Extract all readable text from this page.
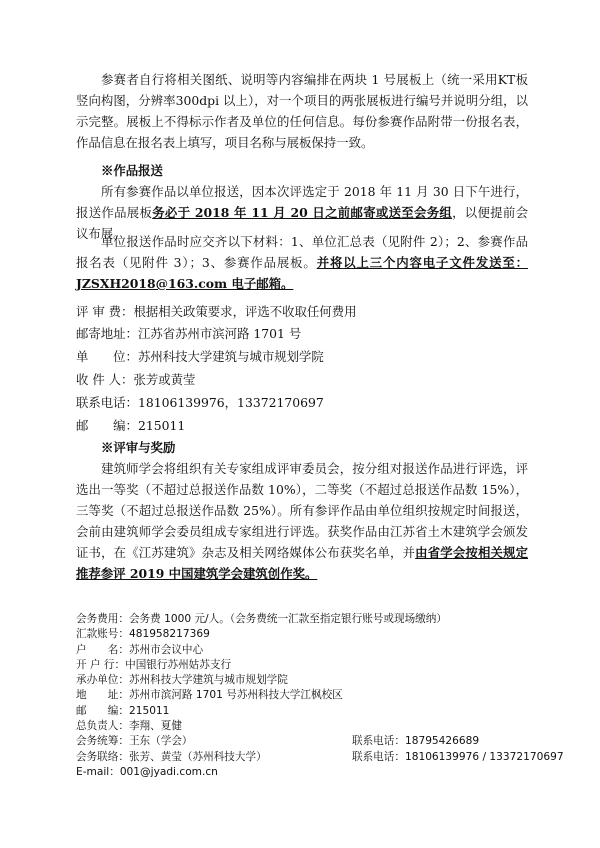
参赛者自行将相关图纸、说明等内容编排在两块 1 号展板上（统一采用KT板竖向构图，分辨率300dpi 以上），对一个项目的两张展板进行编号并说明分组，以示完整。展板上不得标示作者及单位的任何信息。每份参赛作品附带一份报名表，作品信息在报名表上填写，项目名称与展板保持一致。

※作品报送

所有参赛作品以单位报送，因本次评选定于 2018 年 11 月 30 日下午进行，报送作品展板务必于 2018 年 11 月 20 日之前邮寄或送至会务组，以便提前会议布展。

单位报送作品时应交齐以下材料：1、单位汇总表（见附件 2）；2、参赛作品报名表（见附件 3）；3、参赛作品展板。并将以上三个内容电子文件发送至：JZSXH2018@163.com 电子邮箱。

评 审 费：根据相关政策要求，评选不收取任何费用

邮寄地址：江苏省苏州市滨河路 1701 号

单　　位：苏州科技大学建筑与城市规划学院

收 件 人：张芳或黄莹

联系电话：18106139976，13372170697

邮　　编：215011

※评审与奖励

建筑师学会将组织有关专家组成评审委员会，按分组对报送作品进行评选，评选出一等奖（不超过总报送作品数 10%），二等奖（不超过总报送作品数 15%），三等奖（不超过总报送作品数 25%）。所有参评作品由单位组织按规定时间报送，会前由建筑师学会委员组成专家组进行评选。获奖作品由江苏省土木建筑学会颁发证书，在《江苏建筑》杂志及相关网络媒体公布获奖名单，并由省学会按相关规定推荐参评 2019 中国建筑学会建筑创作奖。

会务费用：会务费 1000 元/人。（会务费统一汇款至指定银行账号或现场缴纳）
汇款账号：481958217369
户　　名：苏州市会议中心
开 户 行：中国银行苏州姑苏支行
承办单位：苏州科技大学建筑与城市规划学院
地　　址：苏州市滨河路 1701 号苏州科技大学江枫校区
邮　　编：215011
总负责人：李翔、夏健
会务统筹：王东（学会）	联系电话：18795426689
会务联络：张芳、黄莹（苏州科技大学）	联系电话：18106139976 / 13372170697
E-mail：001@jyadi.com.cn
